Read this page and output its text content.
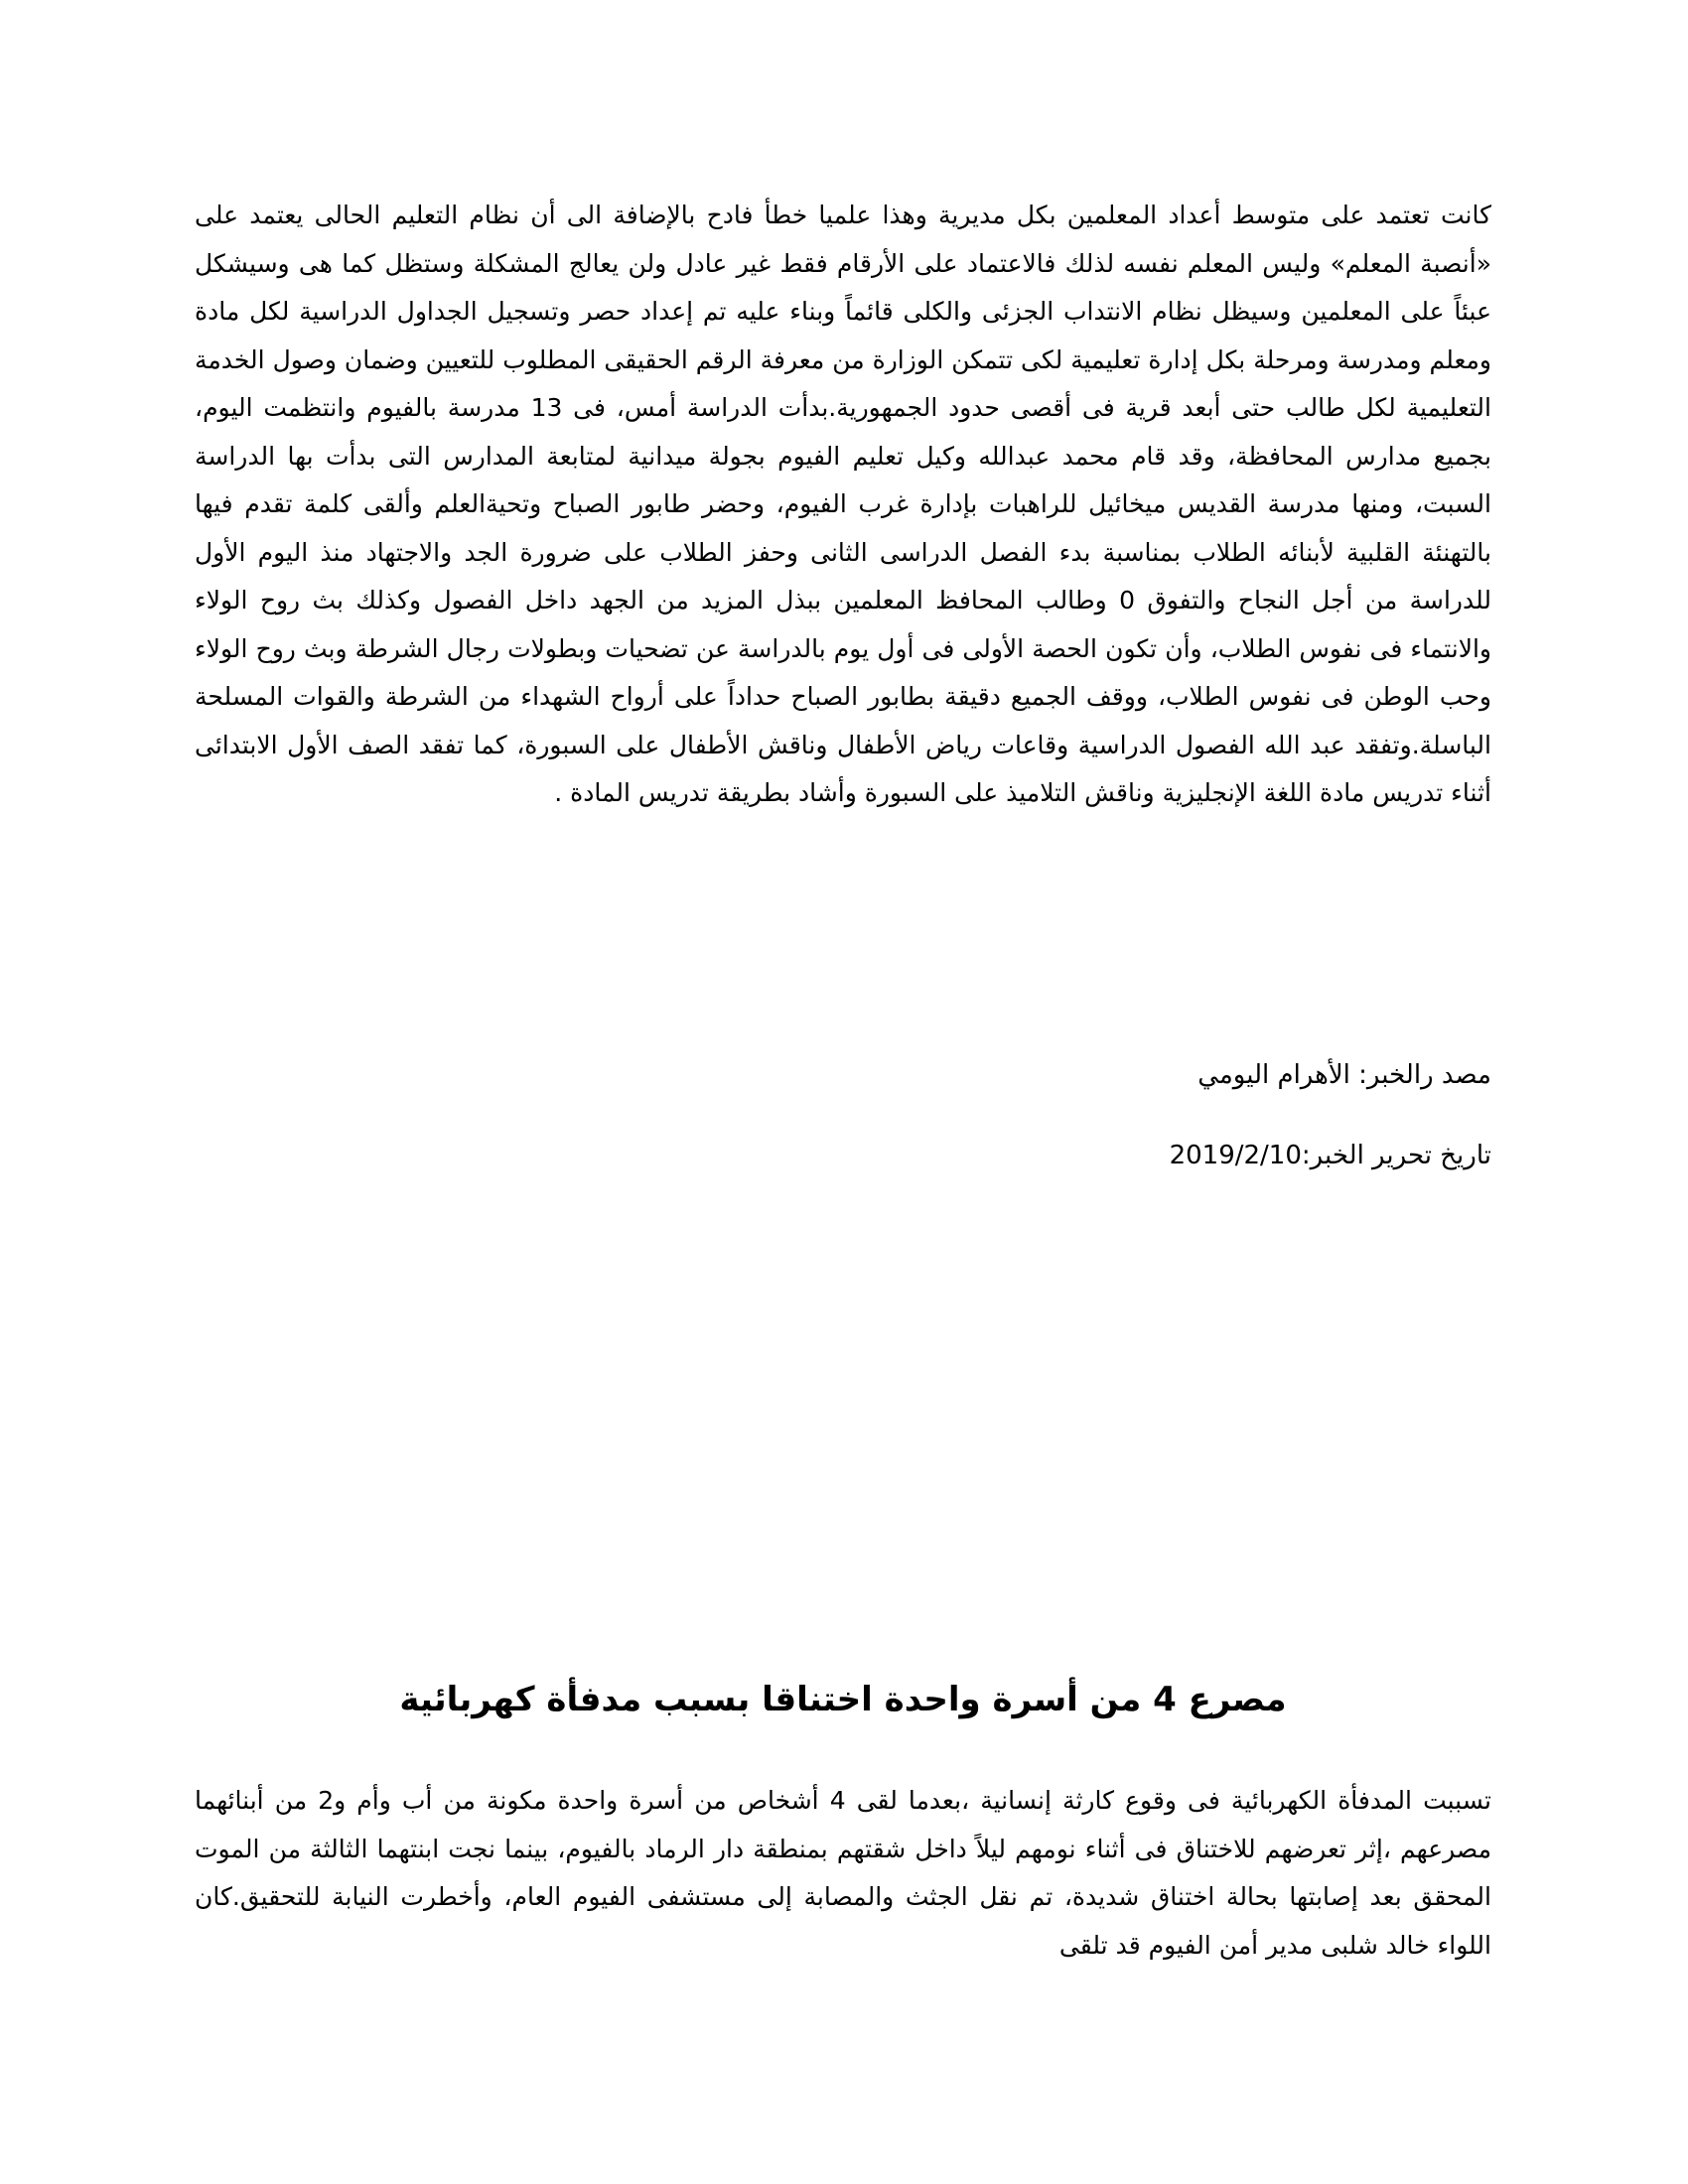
كانت تعتمد على متوسط أعداد المعلمين بكل مديرية وهذا علميا خطأ فادح بالإضافة الى أن نظام التعليم الحالى يعتمد على «أنصبة المعلم» وليس المعلم نفسه لذلك فالاعتماد على الأرقام فقط غير عادل ولن يعالج المشكلة وستظل كما هى وسيشكل عبئاً على المعلمين وسيظل نظام الانتداب الجزئى والكلى قائماً وبناء عليه تم إعداد حصر وتسجيل الجداول الدراسية لكل مادة ومعلم ومدرسة ومرحلة بكل إدارة تعليمية لكى تتمكن الوزارة من معرفة الرقم الحقيقى المطلوب للتعيين وضمان وصول الخدمة التعليمية لكل طالب حتى أبعد قرية فى أقصى حدود الجمهورية.بدأت الدراسة أمس، فى 13 مدرسة بالفيوم وانتظمت اليوم، بجميع مدارس المحافظة، وقد قام محمد عبدالله وكيل تعليم الفيوم بجولة ميدانية لمتابعة المدارس التى بدأت بها الدراسة السبت، ومنها مدرسة القديس ميخائيل للراهبات بإدارة غرب الفيوم، وحضر طابور الصباح وتحيةالعلم وألقى كلمة تقدم فيها بالتهنئة القلبية لأبنائه الطلاب بمناسبة بدء الفصل الدراسى الثانى وحفز الطلاب على ضرورة الجد والاجتهاد منذ اليوم الأول للدراسة من أجل النجاح والتفوق 0 وطالب المحافظ المعلمين ببذل المزيد من الجهد داخل الفصول وكذلك بث روح الولاء والانتماء فى نفوس الطلاب، وأن تكون الحصة الأولى فى أول يوم بالدراسة عن تضحيات وبطولات رجال الشرطة وبث روح الولاء وحب الوطن فى نفوس الطلاب، ووقف الجميع دقيقة بطابور الصباح حداداً على أرواح الشهداء من الشرطة والقوات المسلحة الباسلة.وتفقد عبد الله الفصول الدراسية وقاعات رياض الأطفال وناقش الأطفال على السبورة، كما تفقد الصف الأول الابتدائى أثناء تدريس مادة اللغة الإنجليزية وناقش التلاميذ على السبورة وأشاد بطريقة تدريس المادة .

مصد رالخبر: الأهرام اليومي
تاريخ تحرير الخبر:2019/2/10
مصرع 4 من أسرة واحدة اختناقا بسبب مدفأة كهربائية

تسببت المدفأة الكهربائية فى وقوع كارثة إنسانية ،بعدما لقى 4 أشخاص من أسرة واحدة مكونة من أب وأم و2 من أبنائهما مصرعهم ،إثر تعرضهم للاختناق فى أثناء نومهم ليلاً داخل شقتهم بمنطقة دار الرماد بالفيوم، بينما نجت ابنتهما الثالثة من الموت المحقق بعد إصابتها بحالة اختناق شديدة، تم نقل الجثث والمصابة إلى مستشفى الفيوم العام، وأخطرت النيابة للتحقيق.كان اللواء خالد شلبى مدير أمن الفيوم قد تلقى
